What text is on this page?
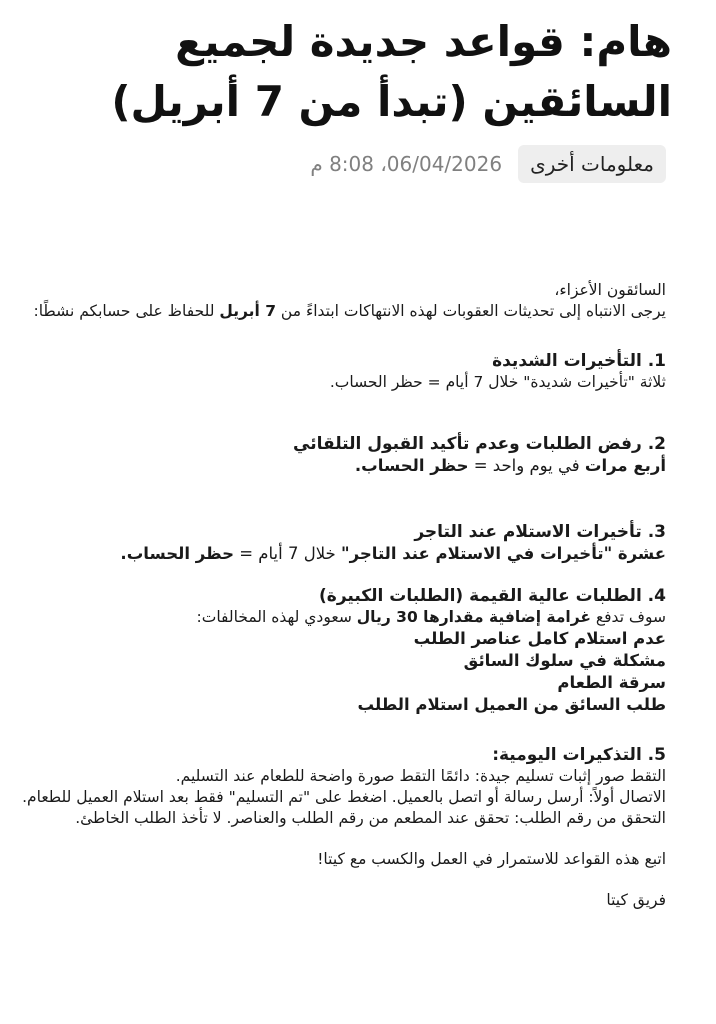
هام: قواعد جديدة لجميع السائقين (تبدأ من 7 أبريل)
معلومات أخرى
06/04/2026، 8:08 م

السائقون الأعزاء،

يرجى الانتباه إلى تحديثات العقوبات لهذه الانتهاكات ابتداءً من 7 أبريل للحفاظ على حسابكم نشطًا:

1. التأخيرات الشديدة

ثلاثة "تأخيرات شديدة" خلال 7 أيام = حظر الحساب.

2. رفض الطلبات وعدم تأكيد القبول التلقائي

أربع مرات في يوم واحد = حظر الحساب.

3. تأخيرات الاستلام عند التاجر

عشرة "تأخيرات في الاستلام عند التاجر" خلال 7 أيام = حظر الحساب.

4. الطلبات عالية القيمة (الطلبات الكبيرة)

سوف تدفع غرامة إضافية مقدارها 30 ريال سعودي لهذه المخالفات:

عدم استلام كامل عناصر الطلب

مشكلة في سلوك السائق

سرقة الطعام

طلب السائق من العميل استلام الطلب

5. التذكيرات اليومية:

التقط صور إثبات تسليم جيدة: دائمًا التقط صورة واضحة للطعام عند التسليم.

الاتصال أولاً: أرسل رسالة أو اتصل بالعميل. اضغط على "تم التسليم" فقط بعد استلام العميل للطعام.

التحقق من رقم الطلب: تحقق عند المطعم من رقم الطلب والعناصر. لا تأخذ الطلب الخاطئ.

اتبع هذه القواعد للاستمرار في العمل والكسب مع كيتا!

فريق كيتا
